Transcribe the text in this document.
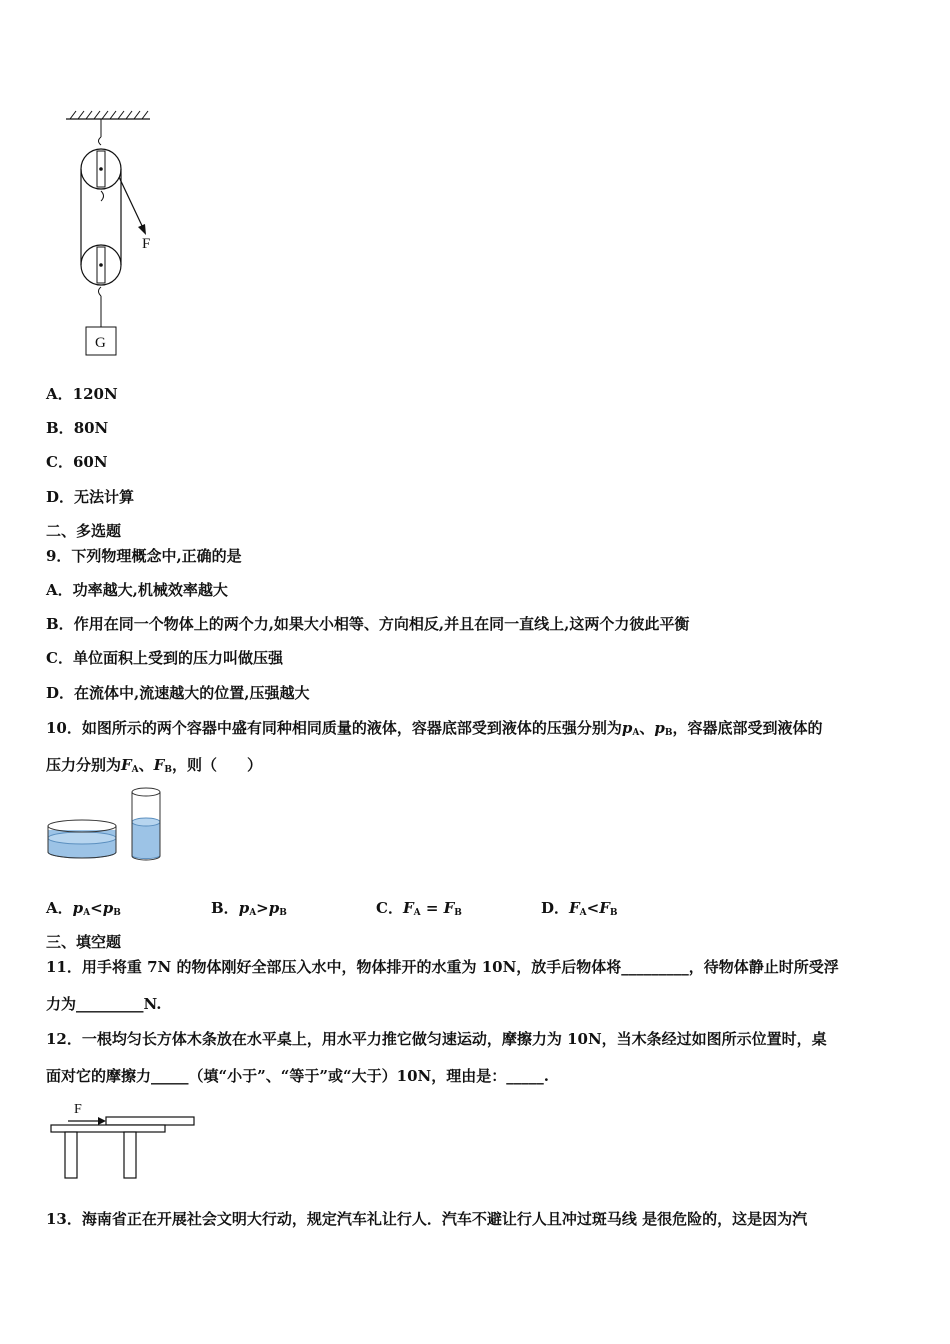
F
G
A．120N
B．80N
C．60N
D．无法计算
二、多选题
9．下列物理概念中,正确的是
A．功率越大,机械效率越大
B．作用在同一个物体上的两个力,如果大小相等、方向相反,并且在同一直线上,这两个力彼此平衡
C．单位面积上受到的压力叫做压强
D．在流体中,流速越大的位置,压强越大
10．如图所示的两个容器中盛有同种相同质量的液体，容器底部受到液体的压强分别为$p_A$、$p_B$，容器底部受到液体的
压力分别为$F_A$、$F_B$，则（　　）
A．$p_A<p_B$	B．$p_A>p_B$	C．$F_A = F_B$	D．$F_A<F_B$
三、填空题
11．用手将重 7N 的物体刚好全部压入水中，物体排开的水重为 10N，放手后物体将_________，待物体静止时所受浮
力为_________N.
12．一根均匀长方体木条放在水平桌上，用水平力推它做匀速运动，摩擦力为 10N，当木条经过如图所示位置时，桌
面对它的摩擦力_____（填“小于”、“等于”或“大于）10N，理由是：_____.
F
13．海南省正在开展社会文明大行动，规定汽车礼让行人．汽车不避让行人且冲过斑马线 是很危险的，这是因为汽
